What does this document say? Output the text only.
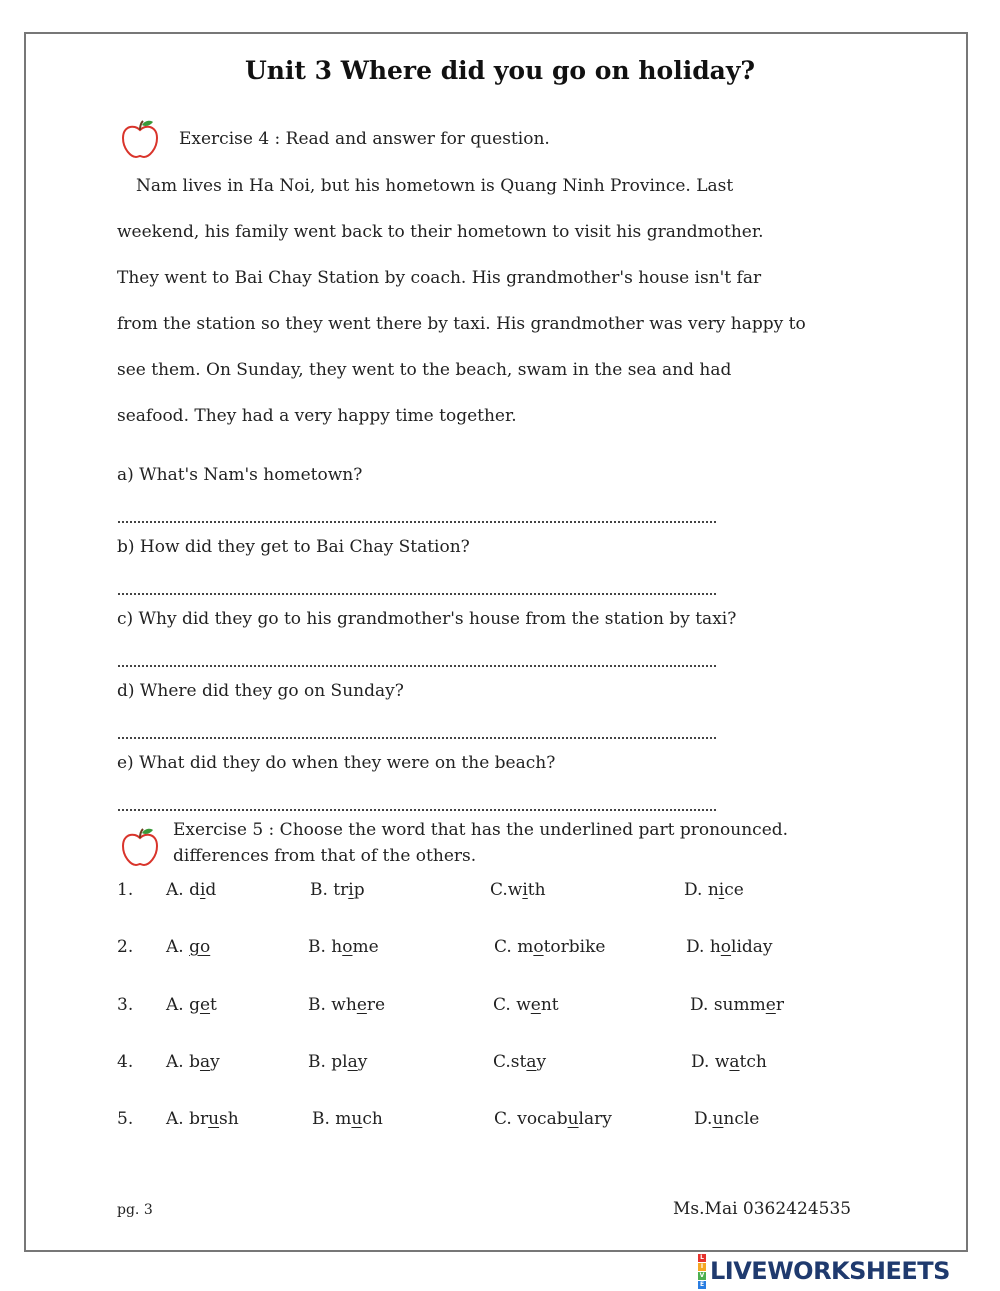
Unit 3 Where did you go on holiday?
Exercise 4 : Read and answer for question.
Nam lives in Ha Noi, but his hometown is Quang Ninh Province. Last
weekend, his family went back to their hometown to visit his grandmother.
They went to Bai Chay Station by coach. His grandmother's house isn't far
from the station so they went there by taxi. His grandmother was very happy to
see them. On Sunday, they went to the beach, swam in the sea and had
seafood. They had a very happy time together.
a) What's Nam's hometown?
b) How did they get to Bai Chay Station?
c) Why did they go to his grandmother's house from the station by taxi?
d) Where did they go on Sunday?
e) What did they do when they were on the beach?
Exercise 5 : Choose the word that has the underlined part pronounced.
differences from that of the others.
1. A. did	B. trip	C.with	D. nice
2. A. go	B. home	C. motorbike	D. holiday
3. A. get	B. where	C. went	D. summer
4. A. bay	B. play	C.stay	D. watch
5. A. brush	B. much	C. vocabulary	D.uncle
pg. 3	Ms.Mai 0362424535
L
I
V
E LIVEWORKSHEETS
